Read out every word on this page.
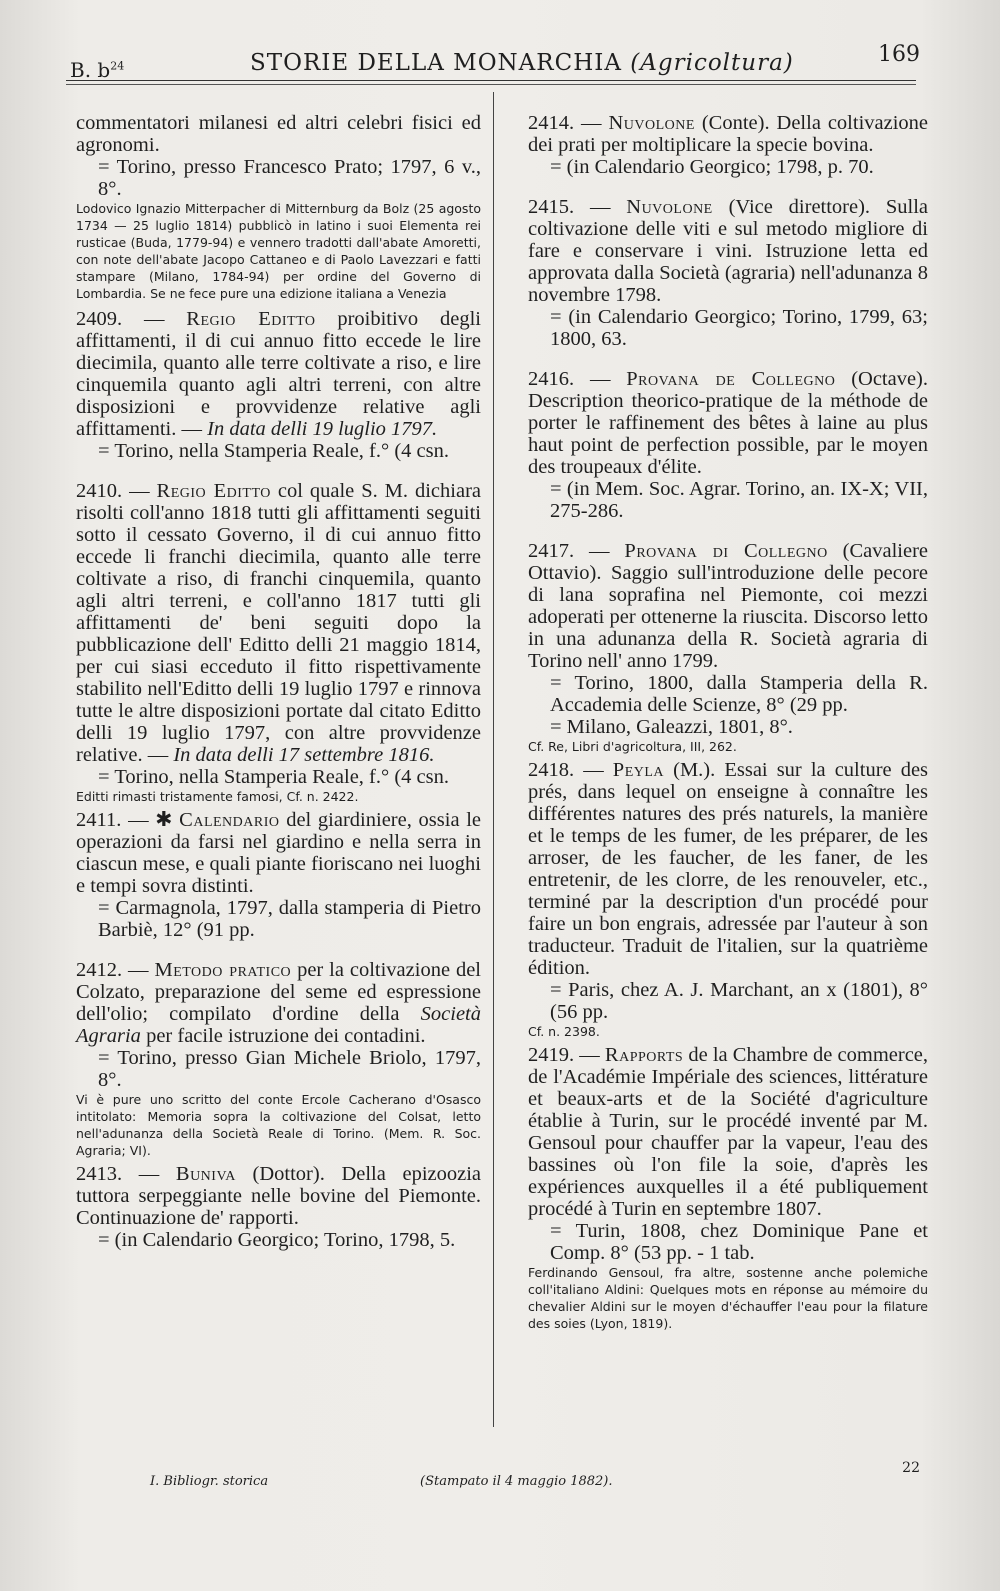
B. $b^{24}$	STORIE DELLA MONARCHIA (Agricoltura)	169

commentatori milanesi ed altri celebri fisici ed agronomi.

= Torino, presso Francesco Prato; 1797, 6 v., 8°.

Lodovico Ignazio Mitterpacher di Mitternburg da Bolz (25 agosto 1734 — 25 luglio 1814) pubblicò in latino i suoi Elementa rei rusticae (Buda, 1779-94) e vennero tradotti dall'abate Amoretti, con note dell'abate Jacopo Cattaneo e di Paolo Lavezzari e fatti stampare (Milano, 1784-94) per ordine del Governo di Lombardia. Se ne fece pure una edizione italiana a Venezia

2409. — Regio Editto proibitivo degli affittamenti, il di cui annuo fitto eccede le lire diecimila, quanto alle terre coltivate a riso, e lire cinquemila quanto agli altri terreni, con altre disposizioni e provvidenze relative agli affittamenti. — In data delli 19 luglio 1797.

= Torino, nella Stamperia Reale, f.° (4 csn.

2410. — Regio Editto col quale S. M. dichiara risolti coll'anno 1818 tutti gli affittamenti seguiti sotto il cessato Governo, il di cui annuo fitto eccede li franchi diecimila, quanto alle terre coltivate a riso, di franchi cinquemila, quanto agli altri terreni, e coll'anno 1817 tutti gli affittamenti de' beni seguiti dopo la pubblicazione dell' Editto delli 21 maggio 1814, per cui siasi ecceduto il fitto rispettivamente stabilito nell'Editto delli 19 luglio 1797 e rinnova tutte le altre disposizioni portate dal citato Editto delli 19 luglio 1797, con altre provvidenze relative. — In data delli 17 settembre 1816.

= Torino, nella Stamperia Reale, f.° (4 csn.

Editti rimasti tristamente famosi, Cf. n. 2422.

2411. — ✱ Calendario del giardiniere, ossia le operazioni da farsi nel giardino e nella serra in ciascun mese, e quali piante fioriscano nei luoghi e tempi sovra distinti.

= Carmagnola, 1797, dalla stamperia di Pietro Barbiè, 12° (91 pp.

2412. — Metodo pratico per la coltivazione del Colzato, preparazione del seme ed espressione dell'olio; compilato d'ordine della Società Agraria per facile istruzione dei contadini.

= Torino, presso Gian Michele Briolo, 1797, 8°.

Vi è pure uno scritto del conte Ercole Cacherano d'Osasco intitolato: Memoria sopra la coltivazione del Colsat, letto nell'adunanza della Società Reale di Torino. (Mem. R. Soc. Agraria; VI).

2413. — Buniva (Dottor). Della epizoozia tuttora serpeggiante nelle bovine del Piemonte. Continuazione de' rapporti.

= (in Calendario Georgico; Torino, 1798, 5.

2414. — Nuvolone (Conte). Della coltivazione dei prati per moltiplicare la specie bovina.

= (in Calendario Georgico; 1798, p. 70.

2415. — Nuvolone (Vice direttore). Sulla coltivazione delle viti e sul metodo migliore di fare e conservare i vini. Istruzione letta ed approvata dalla Società (agraria) nell'adunanza 8 novembre 1798.

= (in Calendario Georgico; Torino, 1799, 63; 1800, 63.

2416. — Provana de Collegno (Octave). Description theorico-pratique de la méthode de porter le raffinement des bêtes à laine au plus haut point de perfection possible, par le moyen des troupeaux d'élite.

= (in Mem. Soc. Agrar. Torino, an. IX-X; VII, 275-286.

2417. — Provana di Collegno (Cavaliere Ottavio). Saggio sull'introduzione delle pecore di lana soprafina nel Piemonte, coi mezzi adoperati per ottenerne la riuscita. Discorso letto in una adunanza della R. Società agraria di Torino nell' anno 1799.

= Torino, 1800, dalla Stamperia della R. Accademia delle Scienze, 8° (29 pp.

= Milano, Galeazzi, 1801, 8°.

Cf. Re, Libri d'agricoltura, III, 262.

2418. — Peyla (M.). Essai sur la culture des prés, dans lequel on enseigne à connaître les différentes natures des prés naturels, la manière et le temps de les fumer, de les préparer, de les arroser, de les faucher, de les faner, de les entretenir, de les clorre, de les renouveler, etc., terminé par la description d'un procédé pour faire un bon engrais, adressée par l'auteur à son traducteur. Traduit de l'italien, sur la quatrième édition.

= Paris, chez A. J. Marchant, an x (1801), 8° (56 pp.

Cf. n. 2398.

2419. — Rapports de la Chambre de commerce, de l'Académie Impériale des sciences, littérature et beaux-arts et de la Société d'agriculture établie à Turin, sur le procédé inventé par M. Gensoul pour chauffer par la vapeur, l'eau des bassines où l'on file la soie, d'après les expériences auxquelles il a été publiquement procédé à Turin en septembre 1807.

= Turin, 1808, chez Dominique Pane et Comp. 8° (53 pp. - 1 tab.

Ferdinando Gensoul, fra altre, sostenne anche polemiche coll'italiano Aldini: Quelques mots en réponse au mémoire du chevalier Aldini sur le moyen d'échauffer l'eau pour la filature des soies (Lyon, 1819).

I. Bibliogr. storica	(Stampato il 4 maggio 1882).
22
